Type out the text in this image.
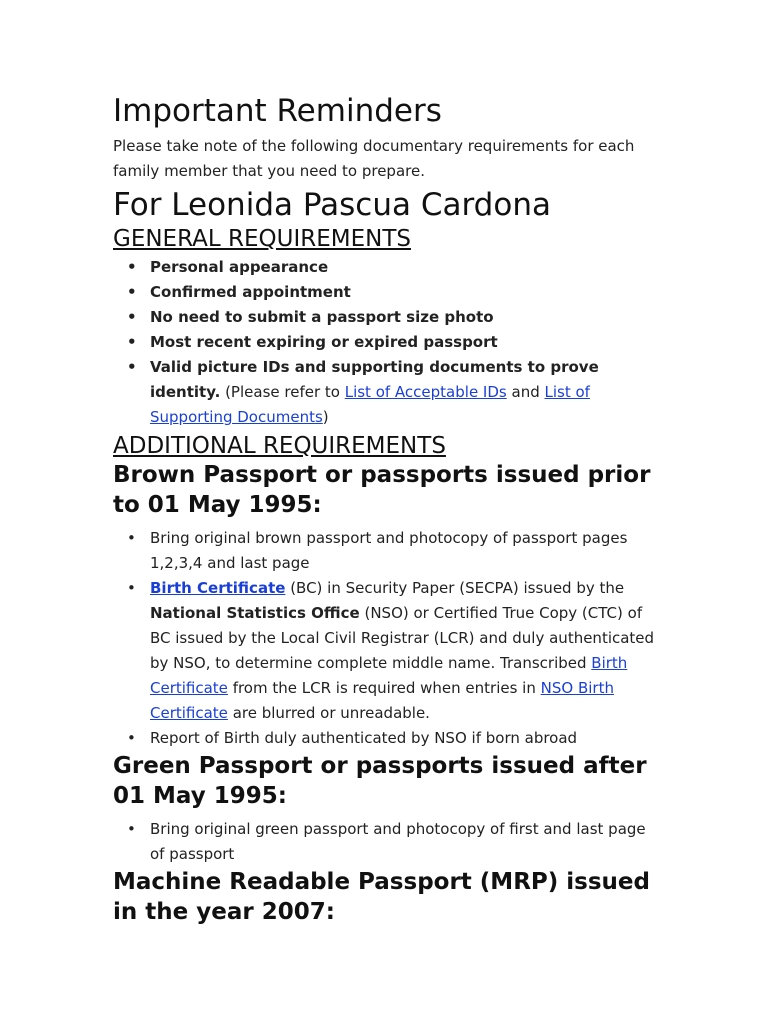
Important Reminders

Please take note of the following documentary requirements for each family member that you need to prepare.

For Leonida Pascua Cardona
GENERAL REQUIREMENTS
• Personal appearance
• Confirmed appointment
• No need to submit a passport size photo
• Most recent expiring or expired passport
• Valid picture IDs and supporting documents to prove identity. (Please refer to List of Acceptable IDs and List of Supporting Documents)
ADDITIONAL REQUIREMENTS
Brown Passport or passports issued prior to 01 May 1995:
• Bring original brown passport and photocopy of passport pages 1,2,3,4 and last page
• Birth Certificate (BC) in Security Paper (SECPA) issued by the National Statistics Office (NSO) or Certified True Copy (CTC) of BC issued by the Local Civil Registrar (LCR) and duly authenticated by NSO, to determine complete middle name. Transcribed Birth Certificate from the LCR is required when entries in NSO Birth Certificate are blurred or unreadable.
• Report of Birth duly authenticated by NSO if born abroad
Green Passport or passports issued after 01 May 1995:
• Bring original green passport and photocopy of first and last page of passport
Machine Readable Passport (MRP) issued in the year 2007:
